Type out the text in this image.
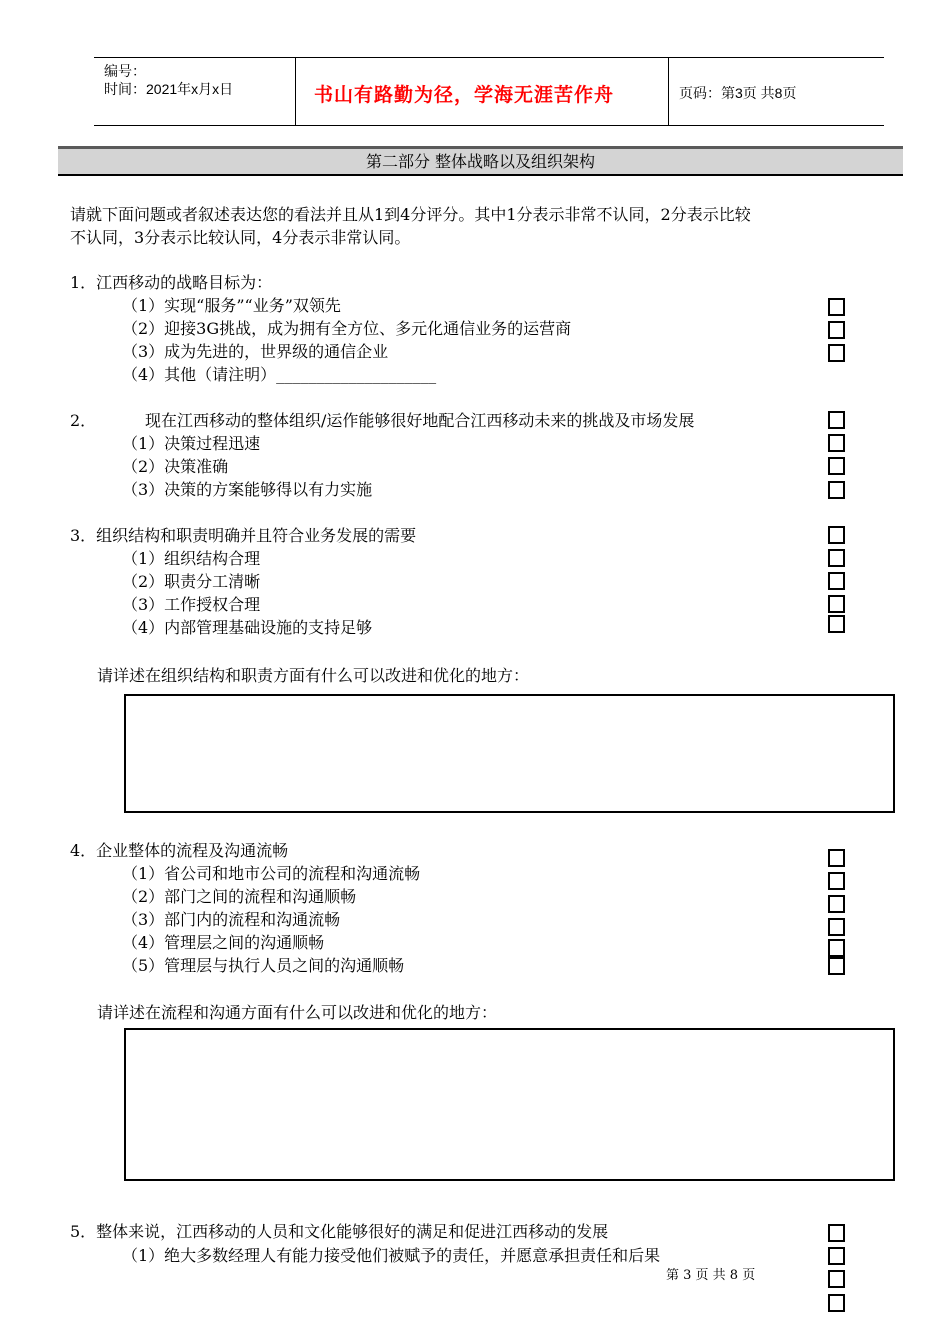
编号：
时间：2021年x月x日	书山有路勤为径，学海无涯苦作舟	页码：第3页 共8页
第二部分 整体战略以及组织架构
请就下面问题或者叙述表达您的看法并且从1到4分评分。其中1分表示非常不认同，2分表示比较
不认同，3分表示比较认同，4分表示非常认同。
1．江西移动的战略目标为：
（1）实现“服务”“业务”双领先
（2）迎接3G挑战，成为拥有全方位、多元化通信业务的运营商
（3）成为先进的，世界级的通信企业
（4）其他（请注明）____________________
2．	现在江西移动的整体组织/运作能够很好地配合江西移动未来的挑战及市场发展
（1）决策过程迅速
（2）决策准确
（3）决策的方案能够得以有力实施
3．组织结构和职责明确并且符合业务发展的需要
（1）组织结构合理
（2）职责分工清晰
（3）工作授权合理
（4）内部管理基础设施的支持足够
请详述在组织结构和职责方面有什么可以改进和优化的地方：
4．企业整体的流程及沟通流畅
（1）省公司和地市公司的流程和沟通流畅
（2）部门之间的流程和沟通顺畅
（3）部门内的流程和沟通流畅
（4）管理层之间的沟通顺畅
（5）管理层与执行人员之间的沟通顺畅
请详述在流程和沟通方面有什么可以改进和优化的地方：
5．整体来说，江西移动的人员和文化能够很好的满足和促进江西移动的发展
（1）绝大多数经理人有能力接受他们被赋予的责任，并愿意承担责任和后果
第 3 页 共 8 页
